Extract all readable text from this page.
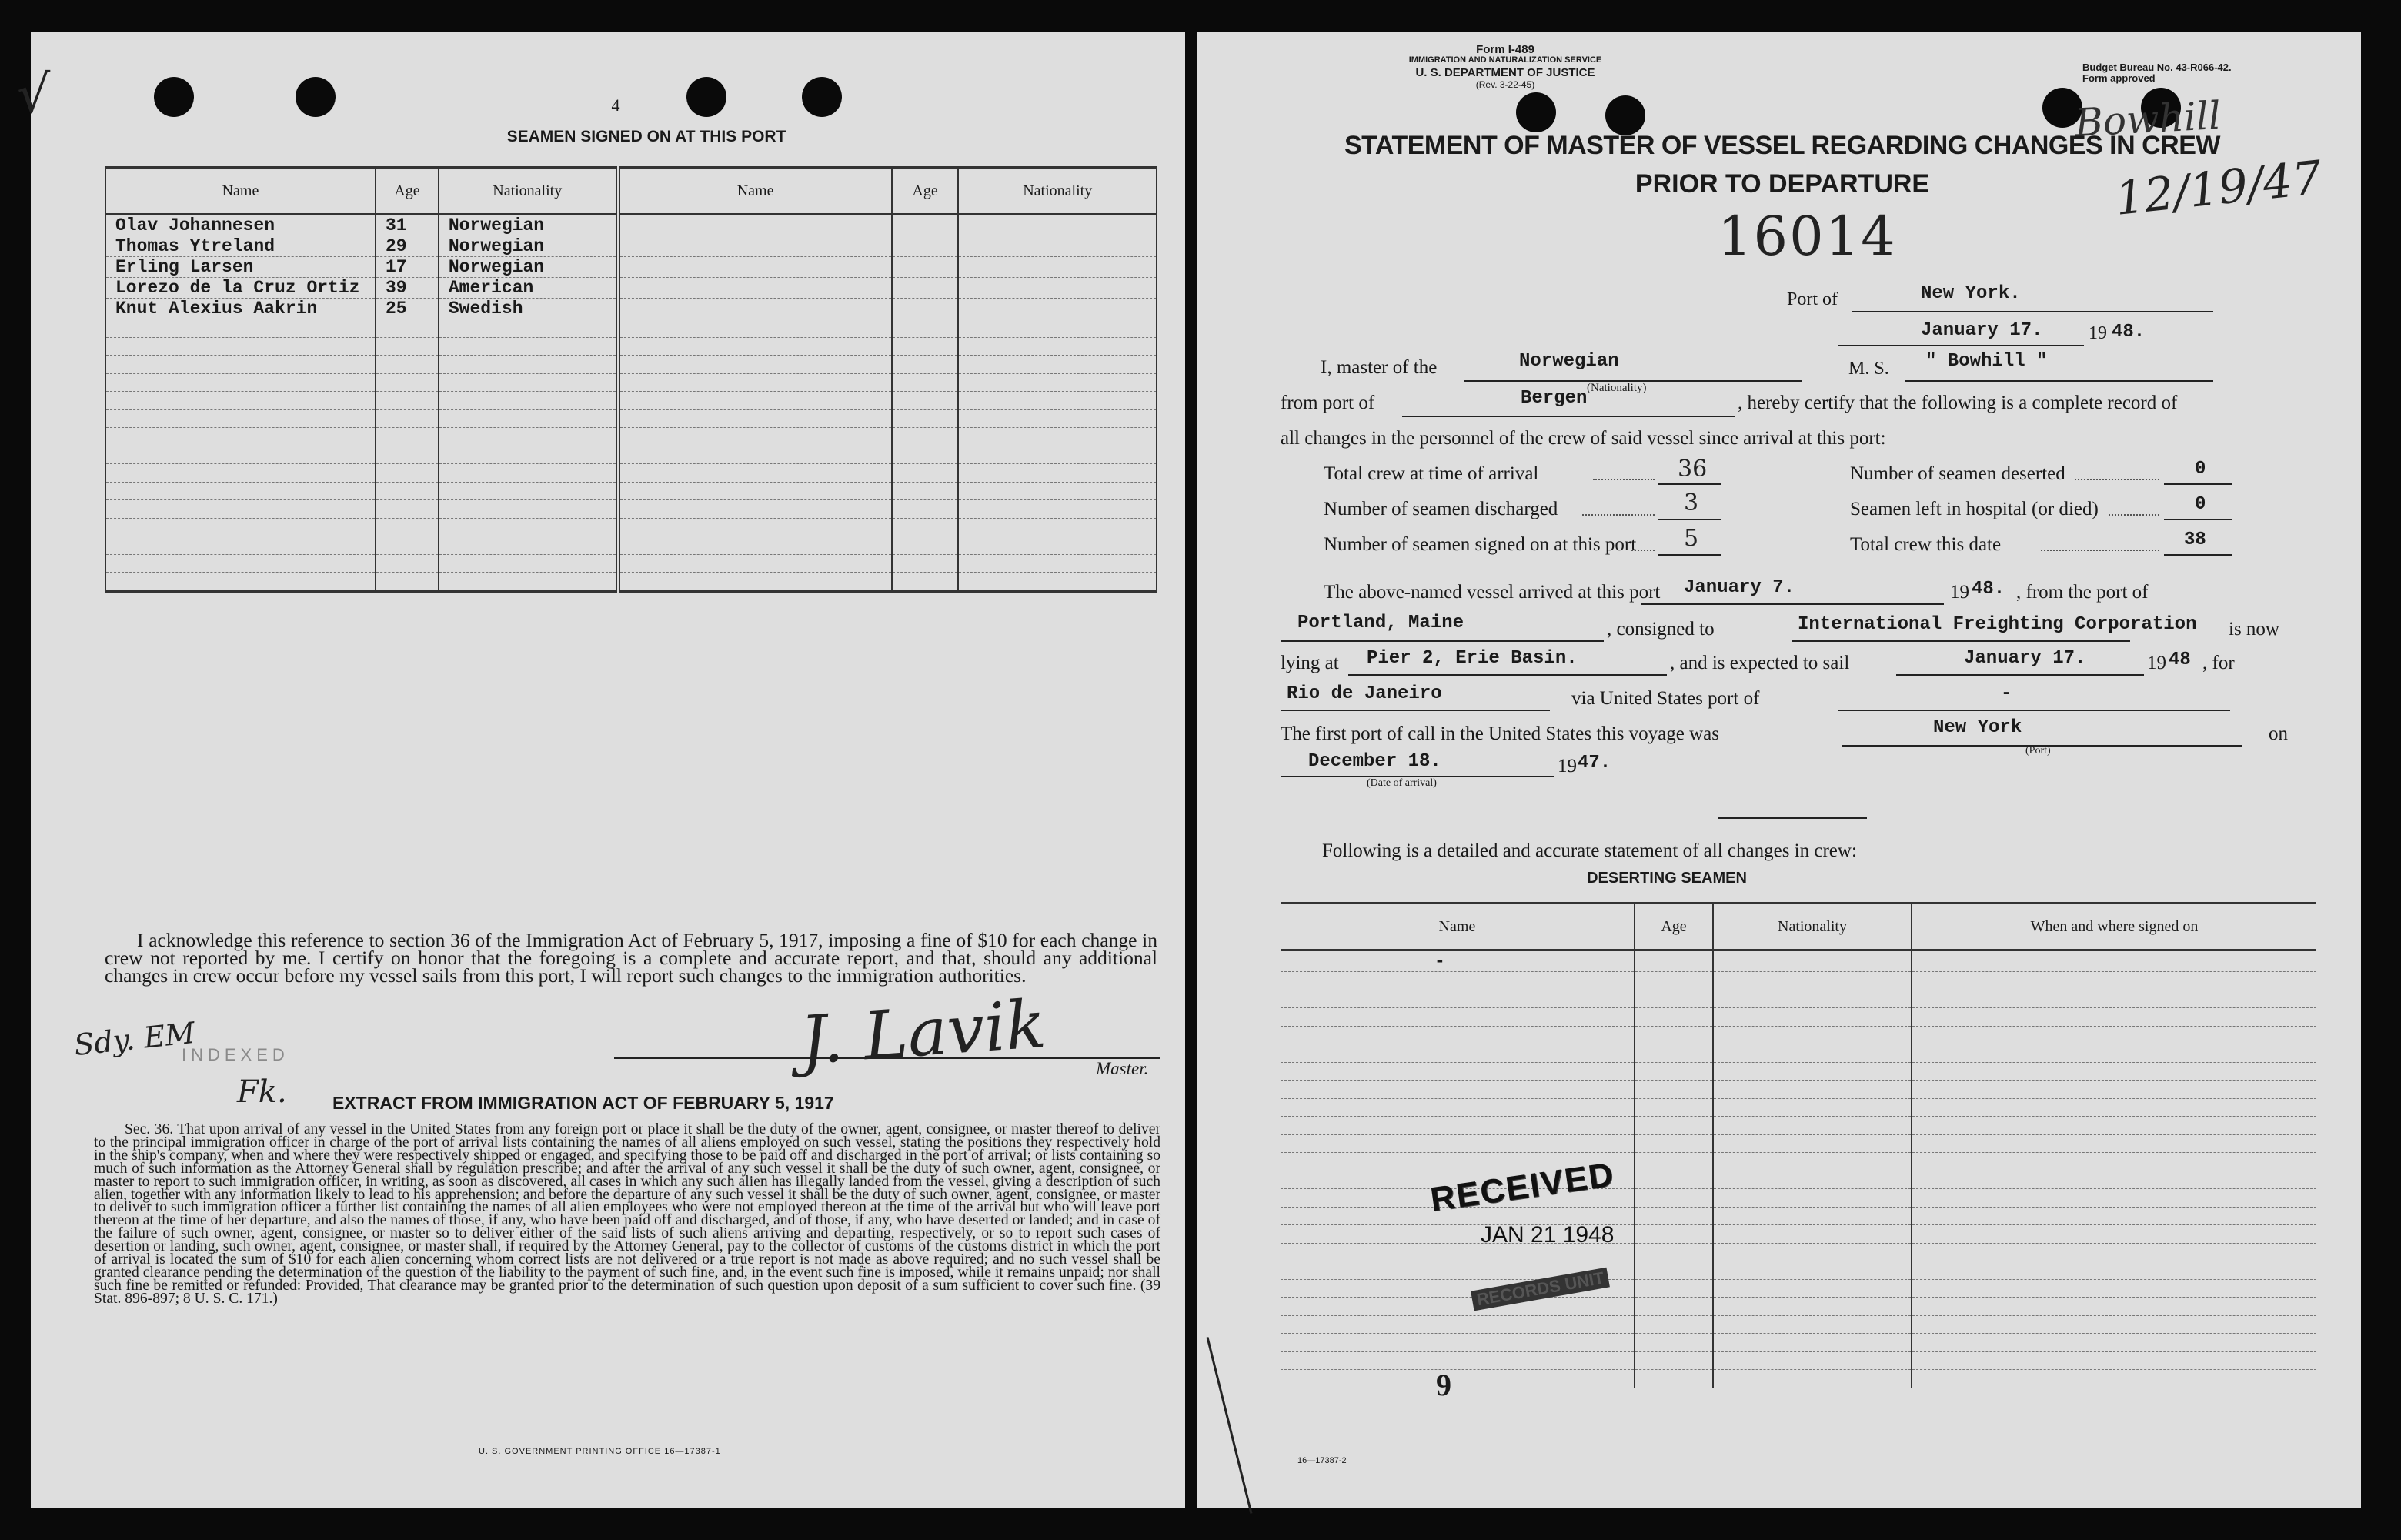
√	4
SEAMEN SIGNED ON AT THIS PORT
Name	Age	Nationality	Name	Age	Nationality
Olav Johannesen	31	Norwegian			
Thomas Ytreland	29	Norwegian			
Erling Larsen	17	Norwegian			
Lorezo de la Cruz Ortiz	39	American			
Knut Alexius Aakrin	25	Swedish			

I acknowledge this reference to section 36 of the Immigration Act of February 5, 1917, imposing a fine of $10 for each change in crew not reported by me. I certify on honor that the foregoing is a complete and accurate report, and that, should any additional changes in crew occur before my vessel sails from this port, I will report such changes to the immigration authorities.
Sdy. EM
INDEXED	J. Lavik	Master.
Fk.	EXTRACT FROM IMMIGRATION ACT OF FEBRUARY 5, 1917
Sec. 36. That upon arrival of any vessel in the United States from any foreign port or place it shall be the duty of the owner, agent, consignee, or master thereof to deliver to the principal immigration officer in charge of the port of arrival lists containing the names of all aliens employed on such vessel, stating the positions they respectively hold in the ship's company, when and where they were respectively shipped or engaged, and specifying those to be paid off and discharged in the port of arrival; or lists containing so much of such information as the Attorney General shall by regulation prescribe; and after the arrival of any such vessel it shall be the duty of such owner, agent, consignee, or master to report to such immigration officer, in writing, as soon as discovered, all cases in which any such alien has illegally landed from the vessel, giving a description of such alien, together with any information likely to lead to his apprehension; and before the departure of any such vessel it shall be the duty of such owner, agent, consignee, or master to deliver to such immigration officer a further list containing the names of all alien employees who were not employed thereon at the time of the arrival but who will leave port thereon at the time of her departure, and also the names of those, if any, who have been paid off and discharged, and of those, if any, who have deserted or landed; and in case of the failure of such owner, agent, consignee, or master so to deliver either of the said lists of such aliens arriving and departing, respectively, or so to report such cases of desertion or landing, such owner, agent, consignee, or master shall, if required by the Attorney General, pay to the collector of customs of the customs district in which the port of arrival is located the sum of $10 for each alien concerning whom correct lists are not delivered or a true report is not made as above required; and no such vessel shall be granted clearance pending the determination of the question of the liability to the payment of such fine, and, in the event such fine is imposed, while it remains unpaid; nor shall such fine be remitted or refunded: Provided, That clearance may be granted prior to the determination of such question upon deposit of a sum sufficient to cover such fine. (39 Stat. 896-897; 8 U. S. C. 171.)
U. S. GOVERNMENT PRINTING OFFICE 16—17387-1
Form I-489
IMMIGRATION AND NATURALIZATION SERVICE
U. S. DEPARTMENT OF JUSTICE
(Rev. 3-22-45)
Budget Bureau No. 43-R066-42.
Form approved
Bowhill
12/19/47
STATEMENT OF MASTER OF VESSEL REGARDING CHANGES IN CREW
PRIOR TO DEPARTURE
16014
Port of	New York.
January 17. 19 48.
I, master of the	Norwegian
(Nationality)
M. S. " Bowhill "
from port of	Bergen	, hereby certify that the following is a complete record of
all changes in the personnel of the crew of said vessel since arrival at this port:
Total crew at time of arrival	36
Number of seamen discharged	3
Number of seamen signed on at this port 5
Number of seamen deserted	0
Seamen left in hospital (or died)	0
Total crew this date	38
The above-named vessel arrived at this port January 7.	19 48. , from the port of
Portland, Maine	, consigned to	International Freighting Corporation is now
lying at Pier 2, Erie Basin.	, and is expected to sail	January 17.	19 48 , for
Rio de Janeiro	via United States port of	-
The first port of call in the United States this voyage was	New York
(Port)
on
December 18.	19 47.
(Date of arrival)
Following is a detailed and accurate statement of all changes in crew:
DESERTING SEAMEN
Name	Age	Nationality	When and where signed on
-			

RECEIVED
JAN 21 1948
RECORDS UNIT
9
16—17387-2
